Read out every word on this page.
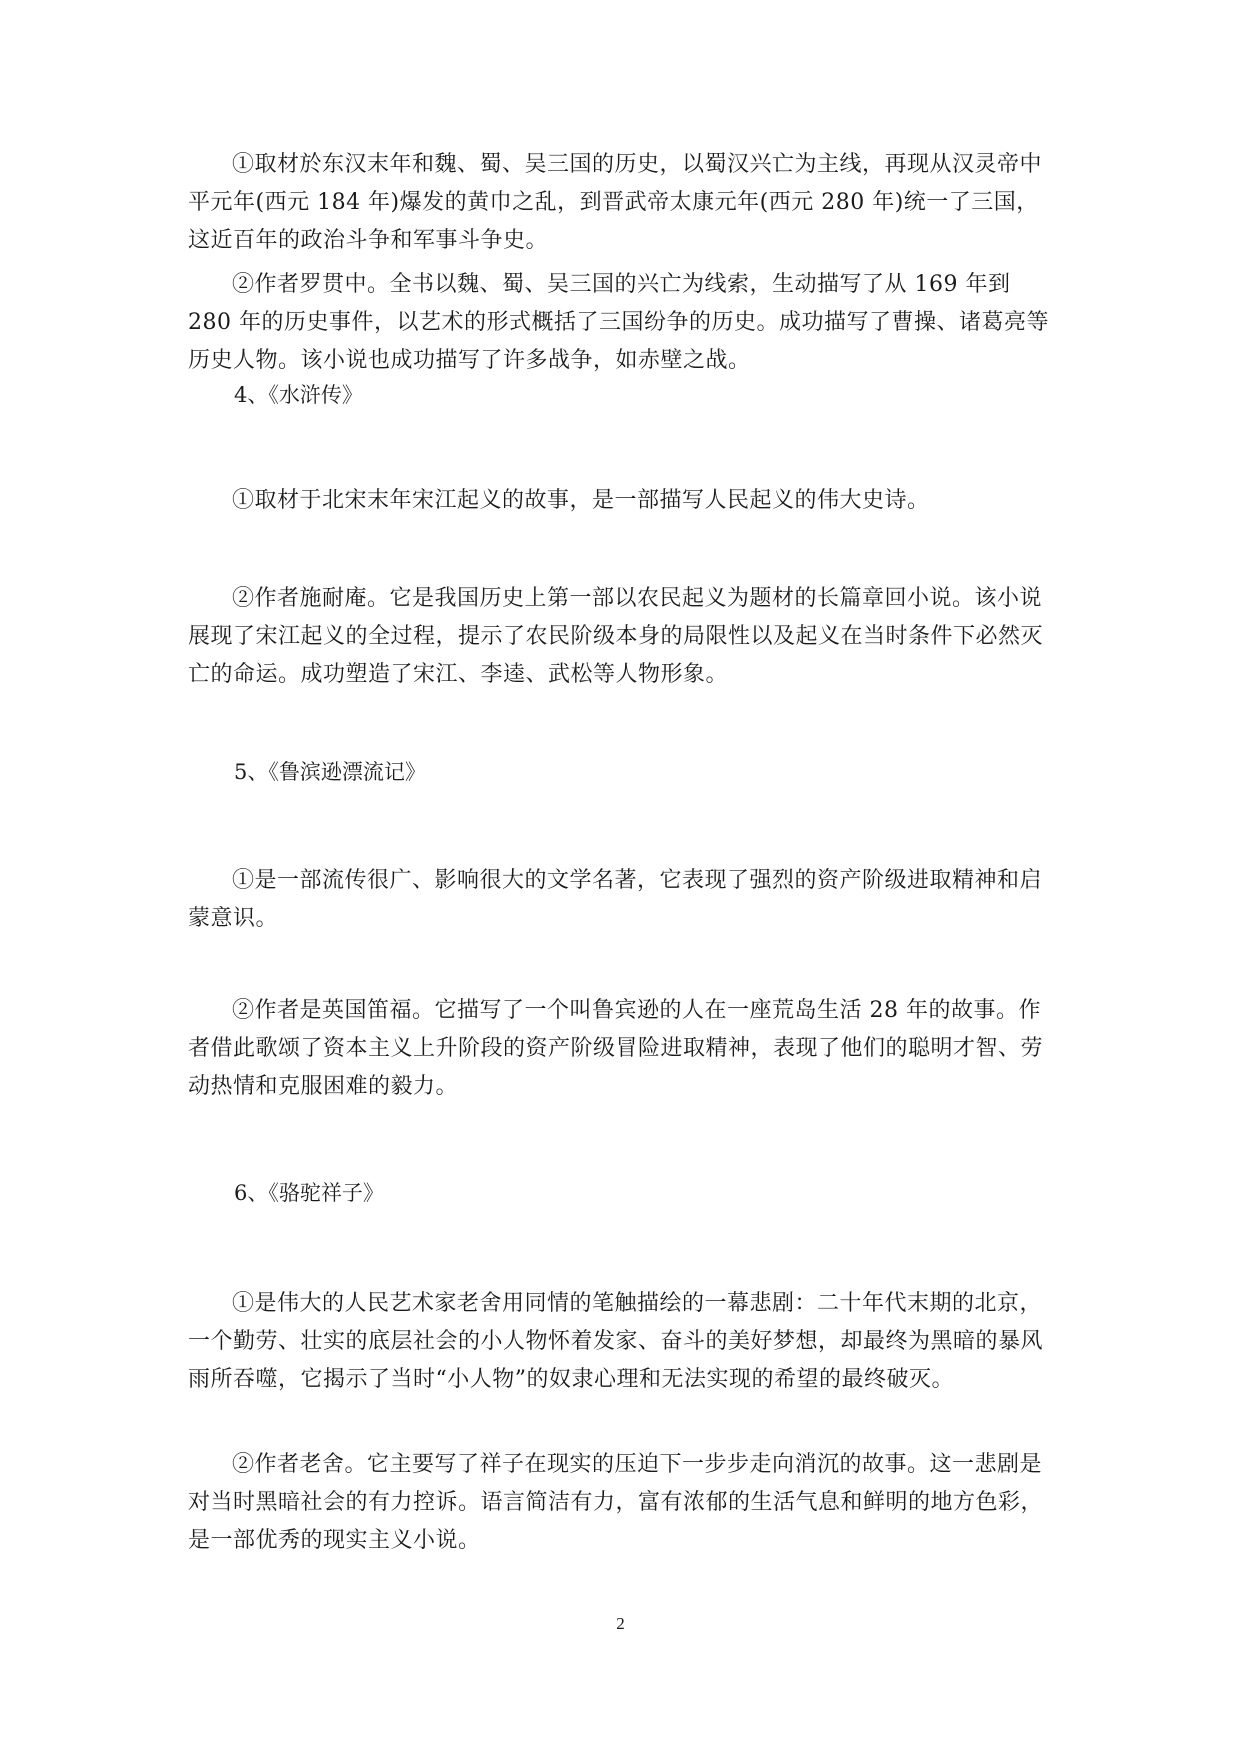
①取材於东汉末年和魏、蜀、吴三国的历史，以蜀汉兴亡为主线，再现从汉灵帝中平元年(西元 184 年)爆发的黄巾之乱，到晋武帝太康元年(西元 280 年)统一了三国，这近百年的政治斗争和军事斗争史。

②作者罗贯中。全书以魏、蜀、吴三国的兴亡为线索，生动描写了从 169 年到 280 年的历史事件，以艺术的形式概括了三国纷争的历史。成功描写了曹操、诸葛亮等历史人物。该小说也成功描写了许多战争，如赤壁之战。

4、《水浒传》

①取材于北宋末年宋江起义的故事，是一部描写人民起义的伟大史诗。

②作者施耐庵。它是我国历史上第一部以农民起义为题材的长篇章回小说。该小说展现了宋江起义的全过程，提示了农民阶级本身的局限性以及起义在当时条件下必然灭亡的命运。成功塑造了宋江、李逵、武松等人物形象。

5、《鲁滨逊漂流记》

①是一部流传很广、影响很大的文学名著，它表现了强烈的资产阶级进取精神和启蒙意识。

②作者是英国笛福。它描写了一个叫鲁宾逊的人在一座荒岛生活 28 年的故事。作者借此歌颂了资本主义上升阶段的资产阶级冒险进取精神，表现了他们的聪明才智、劳动热情和克服困难的毅力。

6、《骆驼祥子》

①是伟大的人民艺术家老舍用同情的笔触描绘的一幕悲剧：二十年代末期的北京，一个勤劳、壮实的底层社会的小人物怀着发家、奋斗的美好梦想，却最终为黑暗的暴风雨所吞噬，它揭示了当时“小人物”的奴隶心理和无法实现的希望的最终破灭。

②作者老舍。它主要写了祥子在现实的压迫下一步步走向消沉的故事。这一悲剧是对当时黑暗社会的有力控诉。语言简洁有力，富有浓郁的生活气息和鲜明的地方色彩，是一部优秀的现实主义小说。

2
